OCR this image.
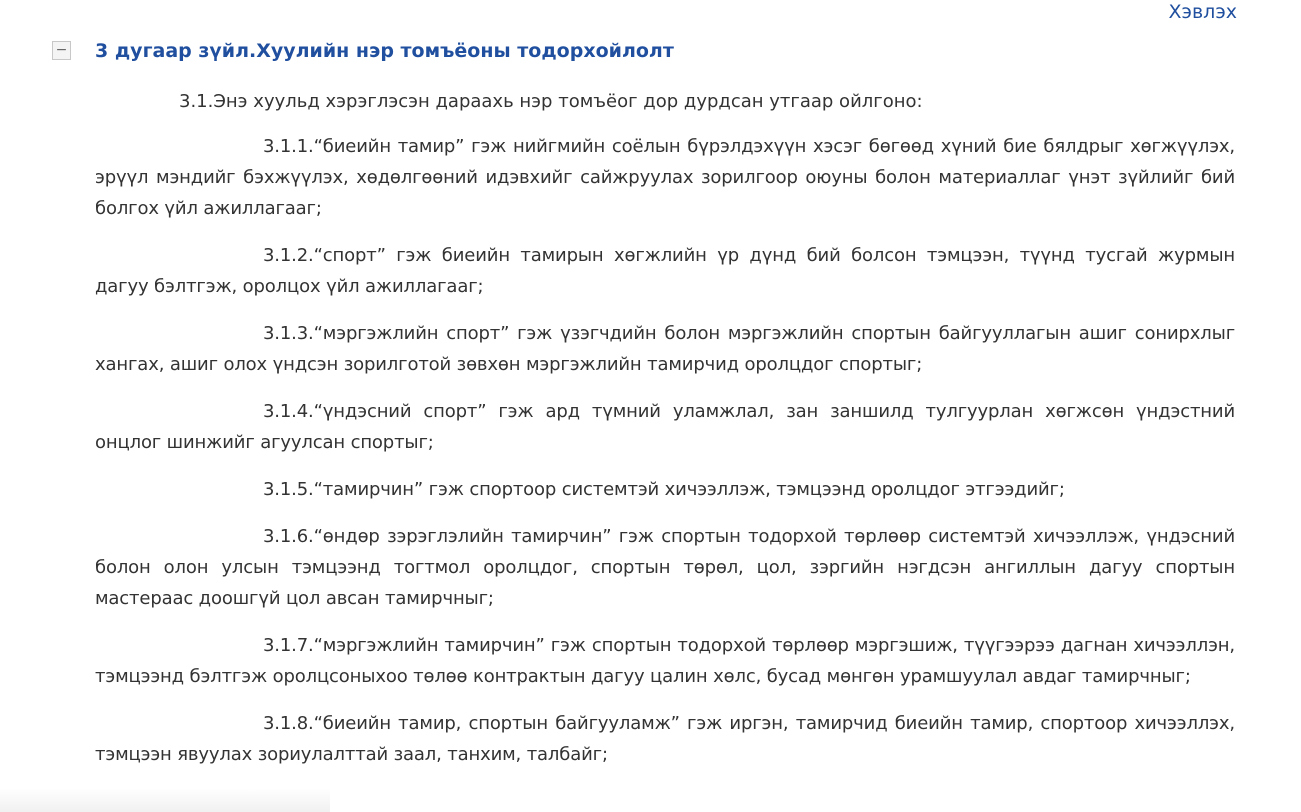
Хэвлэх
− 3 дугаар зүйл.Хуулийн нэр томъёоны тодорхойлолт

3.1.Энэ хуульд хэрэглэсэн дараахь нэр томъёог дор дурдсан утгаар ойлгоно:

3.1.1.“биеийн тамир” гэж нийгмийн соёлын бүрэлдэхүүн хэсэг бөгөөд хүний бие бялдрыг хөгжүүлэх, эрүүл мэндийг бэхжүүлэх, хөдөлгөөний идэвхийг сайжруулах зорилгоор оюуны болон материаллаг үнэт зүйлийг бий болгох үйл ажиллагааг;

3.1.2.“спорт” гэж биеийн тамирын хөгжлийн үр дүнд бий болсон тэмцээн, түүнд тусгай журмын дагуу бэлтгэж, оролцох үйл ажиллагааг;

3.1.3.“мэргэжлийн спорт” гэж үзэгчдийн болон мэргэжлийн спортын байгууллагын ашиг сонирхлыг хангах, ашиг олох үндсэн зорилготой зөвхөн мэргэжлийн тамирчид оролцдог спортыг;

3.1.4.“үндэсний спорт” гэж ард түмний уламжлал, зан заншилд тулгуурлан хөгжсөн үндэстний онцлог шинжийг агуулсан спортыг;

3.1.5.“тамирчин” гэж спортоор системтэй хичээллэж, тэмцээнд оролцдог этгээдийг;

3.1.6.“өндөр зэрэглэлийн тамирчин” гэж спортын тодорхой төрлөөр системтэй хичээллэж, үндэсний болон олон улсын тэмцээнд тогтмол оролцдог, спортын төрөл, цол, зэргийн нэгдсэн ангиллын дагуу спортын мастераас доошгүй цол авсан тамирчныг;

3.1.7.“мэргэжлийн тамирчин” гэж спортын тодорхой төрлөөр мэргэшиж, түүгээрээ дагнан хичээллэн, тэмцээнд бэлтгэж оролцсоныхоо төлөө контрактын дагуу цалин хөлс, бусад мөнгөн урамшуулал авдаг тамирчныг;

3.1.8.“биеийн тамир, спортын байгууламж” гэж иргэн, тамирчид биеийн тамир, спортоор хичээллэх, тэмцээн явуулах зориулалттай заал, танхим, талбайг;
